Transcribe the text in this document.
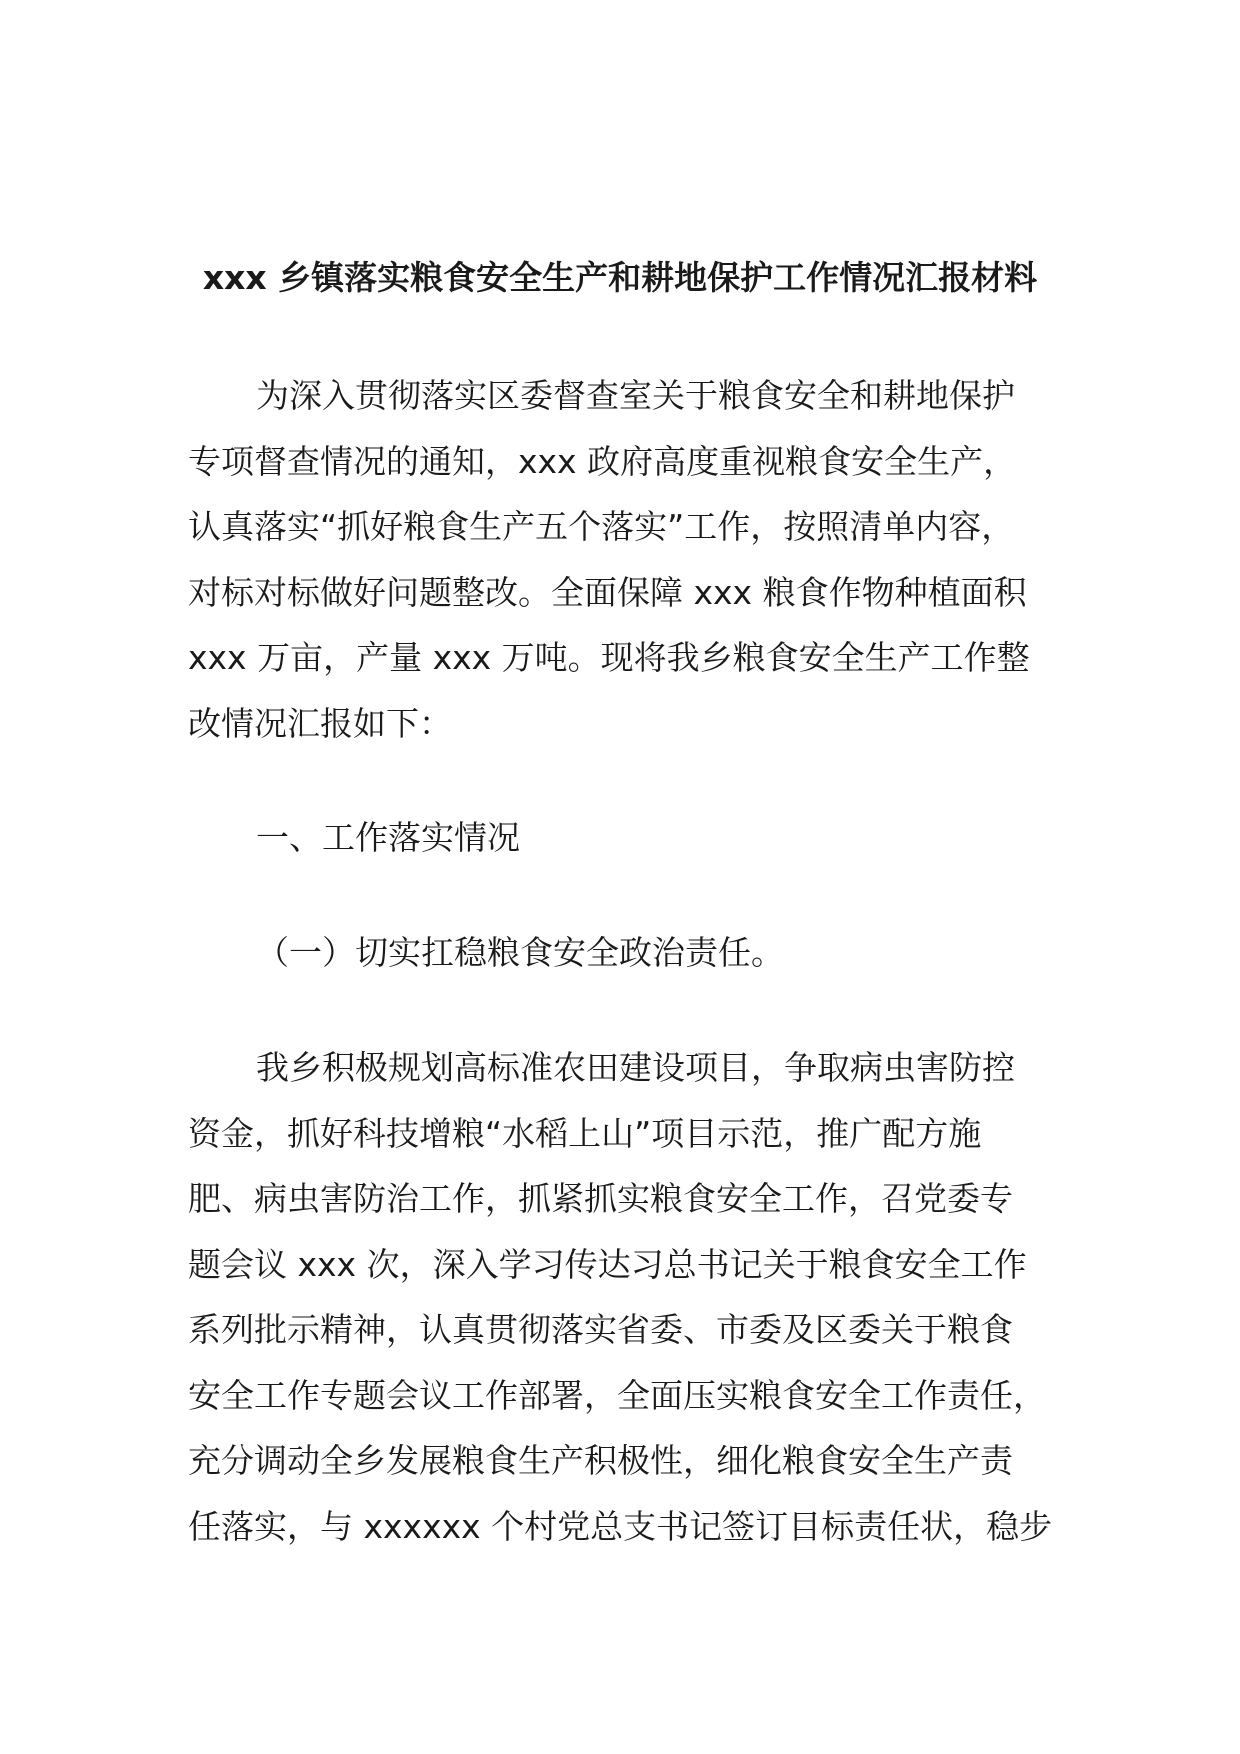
xxx 乡镇落实粮食安全生产和耕地保护工作情况汇报材料
为深入贯彻落实区委督查室关于粮食安全和耕地保护
专项督查情况的通知，xxx 政府高度重视粮食安全生产，
认真落实“抓好粮食生产五个落实”工作，按照清单内容，
对标对标做好问题整改。全面保障 xxx 粮食作物种植面积
xxx 万亩，产量 xxx 万吨。现将我乡粮食安全生产工作整
改情况汇报如下：
一、工作落实情况
（一）切实扛稳粮食安全政治责任。
我乡积极规划高标准农田建设项目，争取病虫害防控
资金，抓好科技增粮“水稻上山”项目示范，推广配方施
肥、病虫害防治工作，抓紧抓实粮食安全工作，召党委专
题会议 xxx 次，深入学习传达习总书记关于粮食安全工作
系列批示精神，认真贯彻落实省委、市委及区委关于粮食
安全工作专题会议工作部署，全面压实粮食安全工作责任，
充分调动全乡发展粮食生产积极性，细化粮食安全生产责
任落实，与 xxxxxx 个村党总支书记签订目标责任状，稳步
